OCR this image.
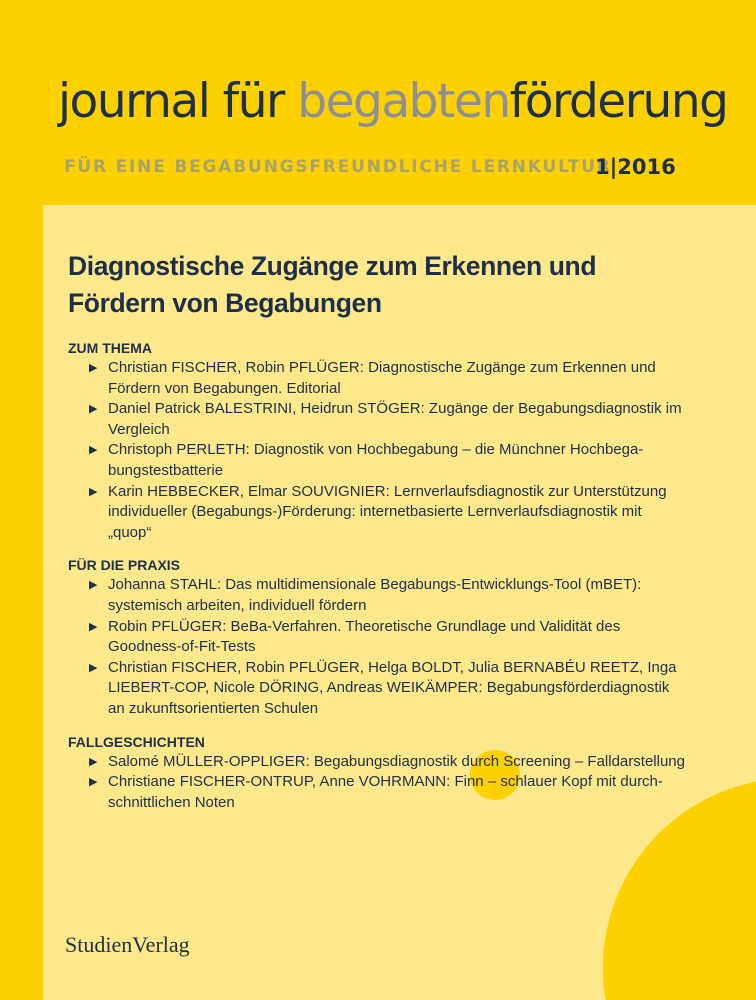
journal für begabtenförderung

FÜR EINE BEGABUNGSFREUNDLICHE LERNKULTUR

1|2016

Diagnostische Zugänge zum Erkennen und Fördern von Begabungen
ZUM THEMA
▶ Christian FISCHER, Robin PFLÜGER: Diagnostische Zugänge zum Erkennen und Fördern von Begabungen. Editorial
▶ Daniel Patrick BALESTRINI, Heidrun STÖGER: Zugänge der Begabungsdiagnostik im Vergleich
▶ Christoph PERLETH: Diagnostik von Hochbegabung – die Münchner Hochbega-bungstestbatterie
▶ Karin HEBBECKER, Elmar SOUVIGNIER: Lernverlaufsdiagnostik zur Unterstützung individueller (Begabungs-)Förderung: internetbasierte Lernverlaufsdiagnostik mit „quop“
FÜR DIE PRAXIS
▶ Johanna STAHL: Das multidimensionale Begabungs-Entwicklungs-Tool (mBET): systemisch arbeiten, individuell fördern
▶ Robin PFLÜGER: BeBa-Verfahren. Theoretische Grundlage und Validität des Goodness-of-Fit-Tests
▶ Christian FISCHER, Robin PFLÜGER, Helga BOLDT, Julia BERNABÉU REETZ, Inga LIEBERT-COP, Nicole DÖRING, Andreas WEIKÄMPER: Begabungsförderdiagnostik an zukunftsorientierten Schulen
FALLGESCHICHTEN
▶ Salomé MÜLLER-OPPLIGER: Begabungsdiagnostik durch Screening – Falldarstellung
▶ Christiane FISCHER-ONTRUP, Anne VOHRMANN: Finn – schlauer Kopf mit durch-schnittlichen Noten

StudienVerlag
